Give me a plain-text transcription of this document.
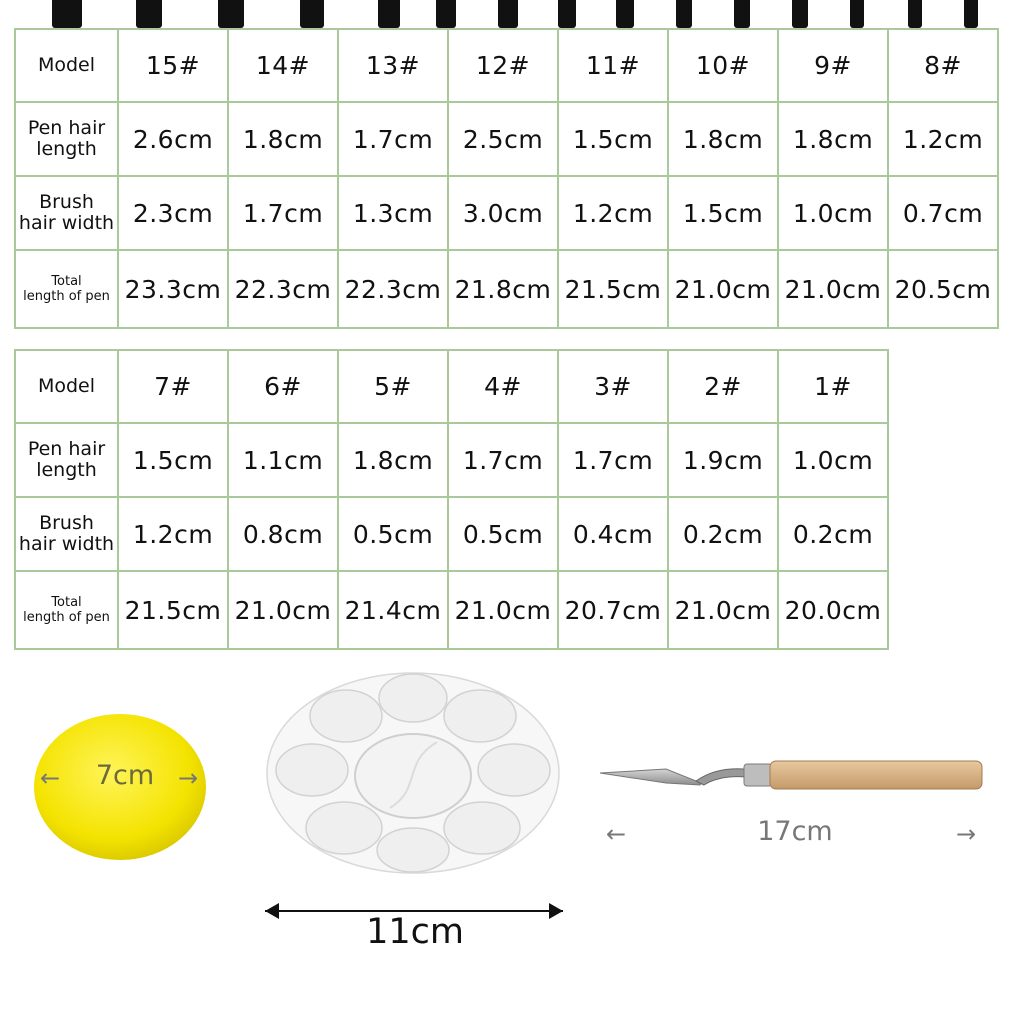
Model	15#	14#	13#	12#	11#	10#	9#	8#

Pen hair
length	2.6cm	1.8cm	1.7cm	2.5cm	1.5cm	1.8cm	1.8cm	1.2cm

Brush
hair width	2.3cm	1.7cm	1.3cm	3.0cm	1.2cm	1.5cm	1.0cm	0.7cm

Total
length of pen	23.3cm	22.3cm	22.3cm	21.8cm	21.5cm	21.0cm	21.0cm	20.5cm
Model	7#	6#	5#	4#	3#	2#	1#

Pen hair
length	1.5cm	1.1cm	1.8cm	1.7cm	1.7cm	1.9cm	1.0cm

Brush
hair width	1.2cm	0.8cm	0.5cm	0.5cm	0.4cm	0.2cm	0.2cm

Total
length of pen	21.5cm	21.0cm	21.4cm	21.0cm	20.7cm	21.0cm	20.0cm
←	→
7cm
11cm
←	→
17cm
